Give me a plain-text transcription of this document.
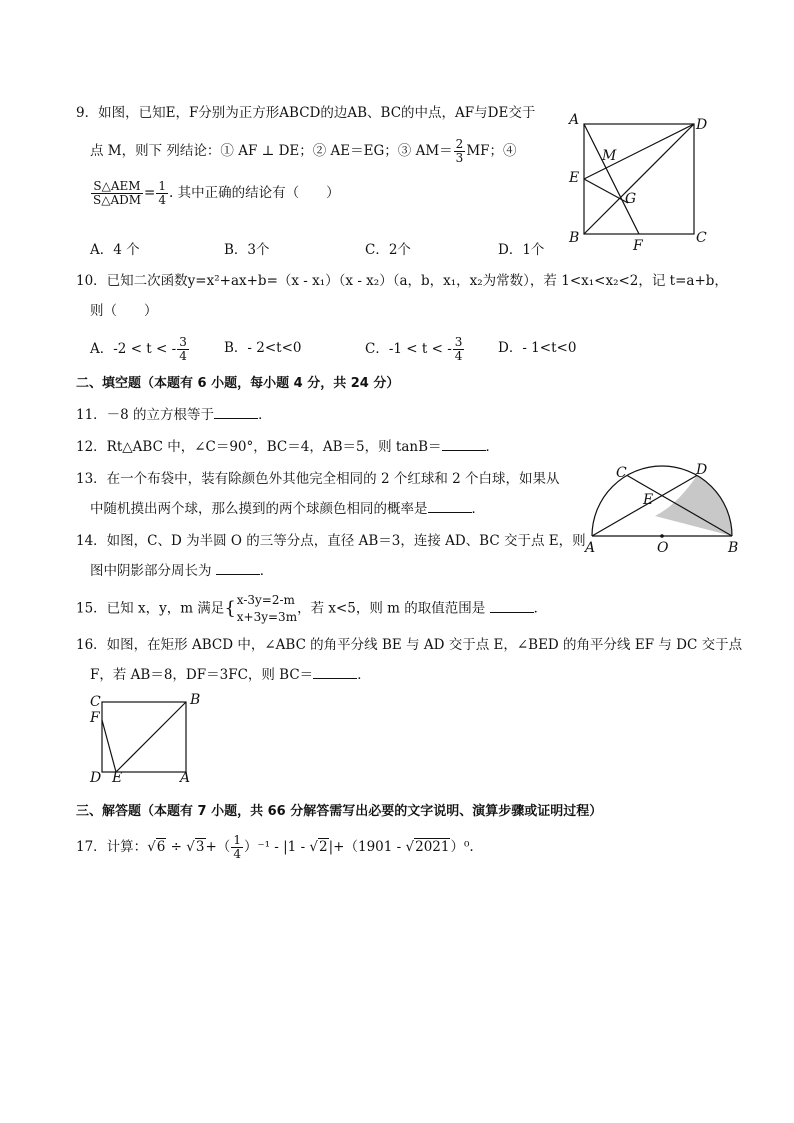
9．如图，已知E，F分别为正方形ABCD的边AB、BC的中点，AF与DE交于
点 M，则下 列结论：① AF ⊥ DE；② AE＝EG；③ $AM= \frac{2}{3}$ MF；④
$\frac{\text{S△AEM}}{\text{S△ADM}} = \frac{1}{4}$ . 其中正确的结论有（　　）
A．4 个	B．3个	C．2个	D．1个
A
E
B
D
C
F
M
G
10．已知二次函数y=x²+ax+b=（x - x₁）（x - x₂）（a，b，x₁，x₂为常数），若 1<x₁<x₂<2，记 t=a+b，
则（　　）
A．-2 < t < - $\frac{3}{4}$	B．- 2<t<0	C．-1 < t < - $\frac{3}{4}$ D．- 1<t<0
二、填空题（本题有 6 小题，每小题 4 分，共 24 分）
11．－8 的立方根等于	．
12．Rt△ABC 中，∠C＝90°，BC＝4，AB＝5，则 tanB＝	．
13．在一个布袋中，装有除颜色外其他完全相同的 2 个红球和 2 个白球，如果从
中随机摸出两个球，那么摸到的两个球颜色相同的概率是	．
14．如图，C、D 为半圆 O 的三等分点，直径 AB＝3，连接 AD、BC 交于点 E，则
图中阴影部分周长为	．
C	D
E
A	O	B
15．已知 x，y，m 满足{ x-3y=2-m
x+3y=3m
，若 x<5，则 m 的取值范围是	．
16．如图，在矩形 ABCD 中，∠ABC 的角平分线 BE 与 AD 交于点 E，∠BED 的角平分线 EF 与 DC 交于点
F，若 AB＝8，DF＝3FC，则 BC＝	．
C	B
F
D E	A
三、解答题（本题有 7 小题，共 66 分解答需写出必要的文字说明、演算步骤或证明过程）
17．计算：$√6 \div √3+( \frac{1}{4} )^{-1} - |1 - √2|+(1901 - √2021)^0$.
